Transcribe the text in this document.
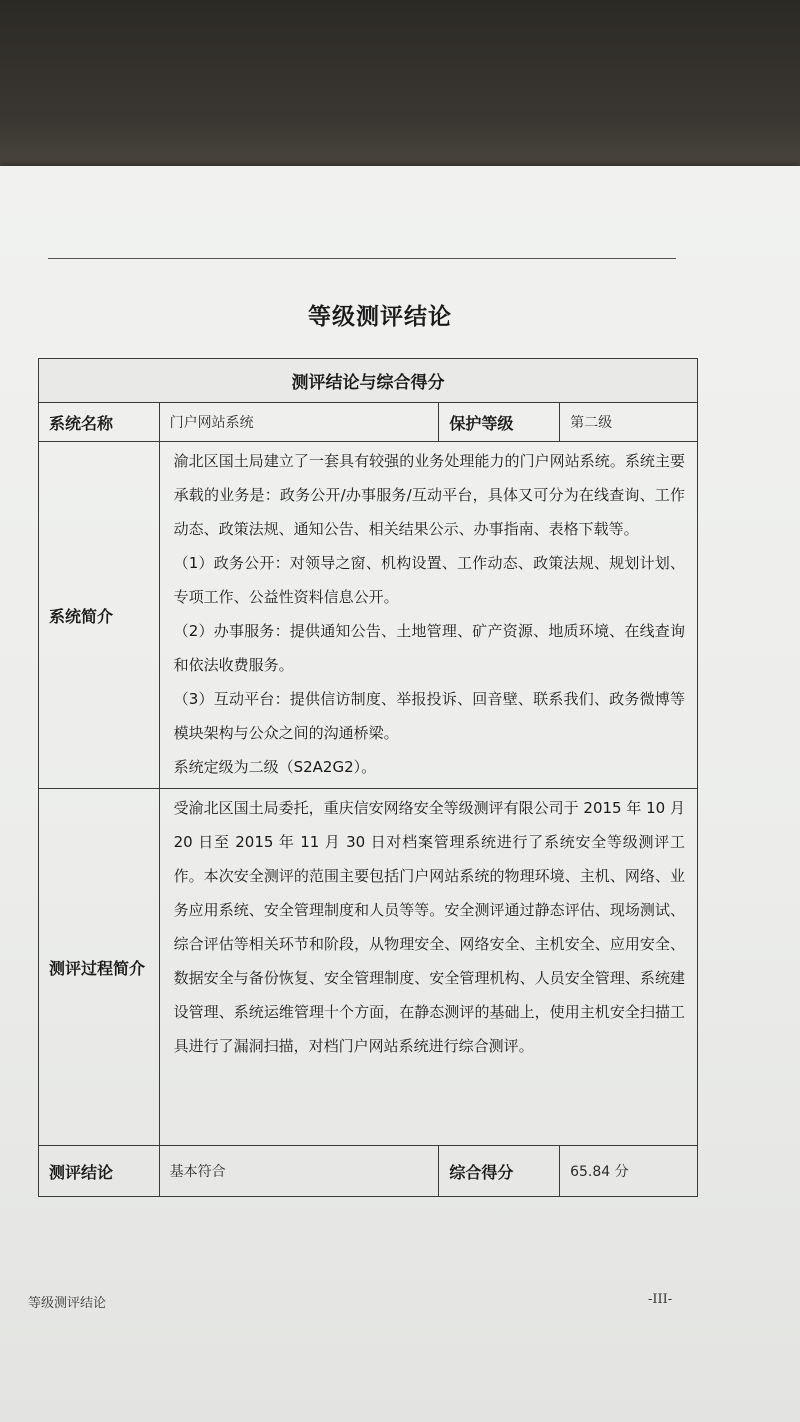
等级测评结论
测评结论与综合得分			
系统名称	门户网站系统	保护等级	第二级
系统简介	渝北区国土局建立了一套具有较强的业务处理能力的门户网站系统。系统主要承载的业务是：政务公开/办事服务/互动平台，具体又可分为在线查询、工作动态、政策法规、通知公告、相关结果公示、办事指南、表格下载等。

（1）政务公开：对领导之窗、机构设置、工作动态、政策法规、规划计划、专项工作、公益性资料信息公开。

（2）办事服务：提供通知公告、土地管理、矿产资源、地质环境、在线查询和依法收费服务。

（3）互动平台：提供信访制度、举报投诉、回音壁、联系我们、政务微博等模块架构与公众之间的沟通桥梁。

系统定级为二级（S2A2G2）。		

测评过程简介	受渝北区国土局委托，重庆信安网络安全等级测评有限公司于 2015 年 10 月 20 日至 2015 年 11 月 30 日对档案管理系统进行了系统安全等级测评工作。本次安全测评的范围主要包括门户网站系统的物理环境、主机、网络、业务应用系统、安全管理制度和人员等等。安全测评通过静态评估、现场测试、综合评估等相关环节和阶段，从物理安全、网络安全、主机安全、应用安全、数据安全与备份恢复、安全管理制度、安全管理机构、人员安全管理、系统建设管理、系统运维管理十个方面，在静态测评的基础上，使用主机安全扫描工具进行了漏洞扫描，对档门户网站系统进行综合测评。		

测评结论	基本符合	综合得分	65.84 分
等级测评结论	-III-
